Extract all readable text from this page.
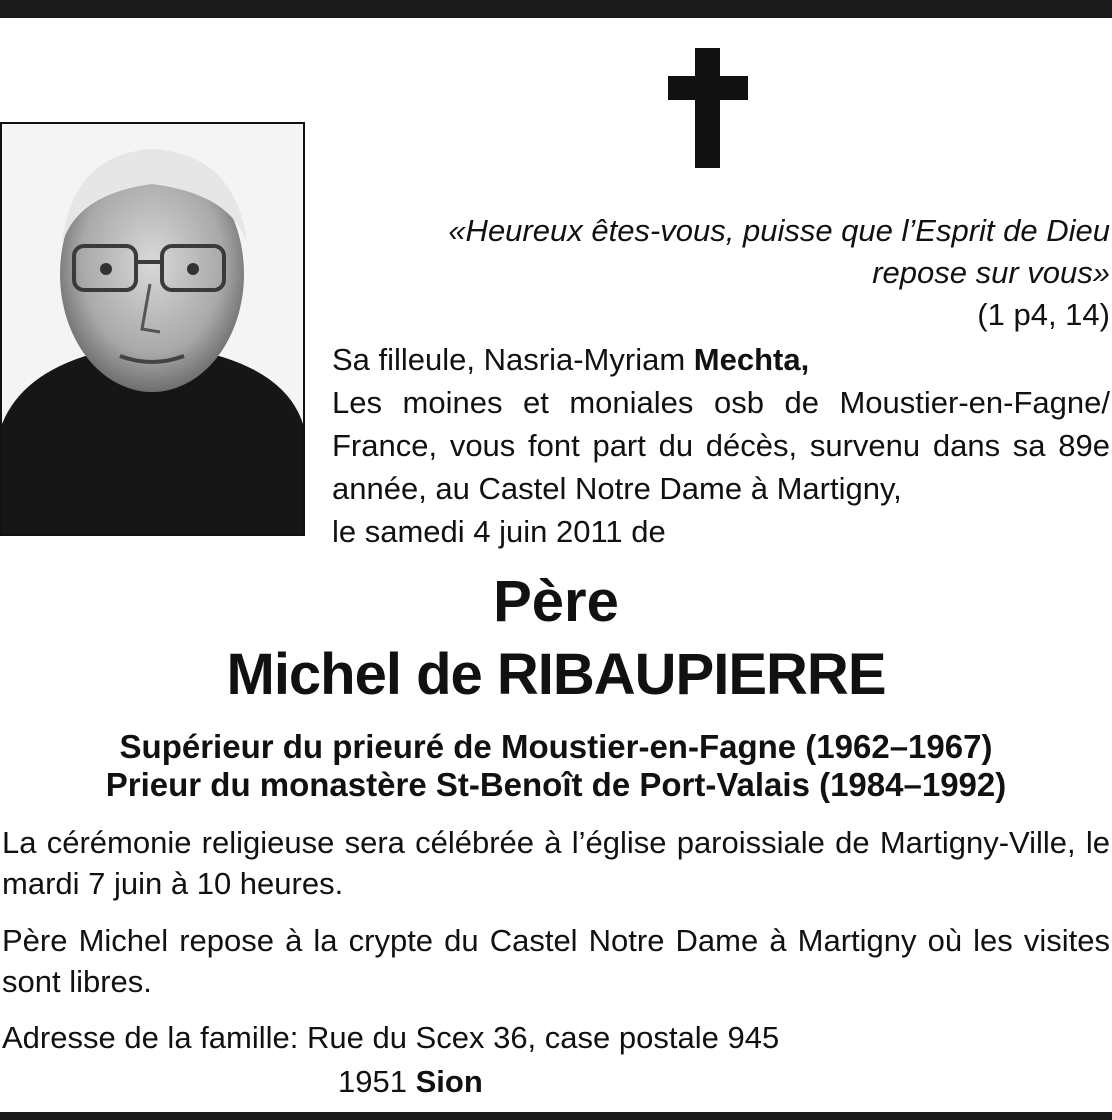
«Heureux êtes-vous, puisse que l’Esprit de Dieu
repose sur vous»
(1 p4, 14)

Sa filleule, Nasria-Myriam Mechta,

Les moines et moniales osb de Moustier-en-Fagne/ France, vous font part du décès, survenu dans sa 89e année, au Castel Notre Dame à Martigny,

le samedi 4 juin 2011 de

Père
Michel de RIBAUPIERRE
Supérieur du prieuré de Moustier-en-Fagne (1962–1967)
Prieur du monastère St-Benoît de Port-Valais (1984–1992)
La cérémonie religieuse sera célébrée à l’église paroissiale de Martigny-Ville, le mardi 7 juin à 10 heures.
Père Michel repose à la crypte du Castel Notre Dame à Martigny où les visites sont libres.
Adresse de la famille: Rue du Scex 36, case postale 945
1951 Sion
